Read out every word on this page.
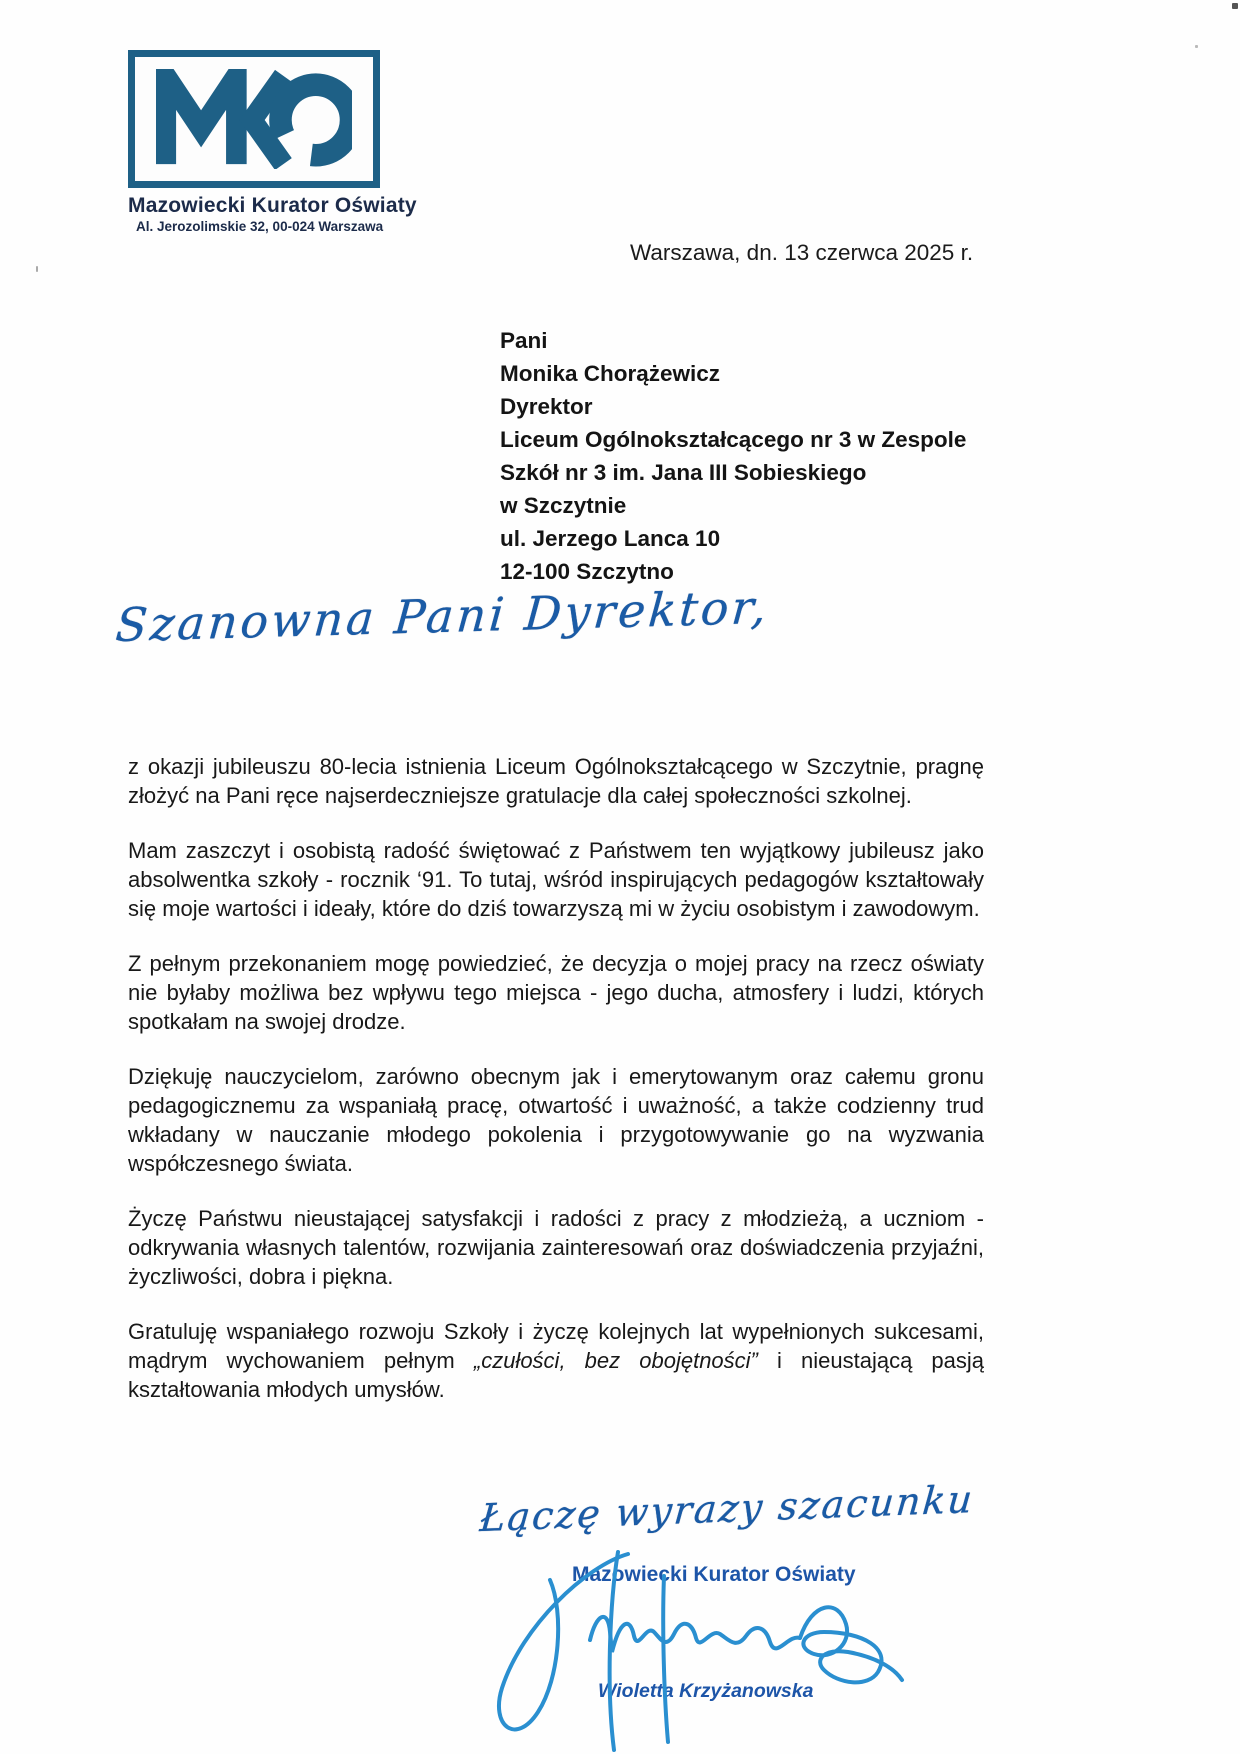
Mazowiecki Kurator Oświaty
Al. Jerozolimskie 32, 00-024 Warszawa
Warszawa, dn. 13 czerwca 2025 r.
Pani
Monika Chorążewicz
Dyrektor
Liceum Ogólnokształcącego nr 3 w Zespole
Szkół nr 3 im. Jana III Sobieskiego
w Szczytnie
ul. Jerzego Lanca 10
12-100 Szczytno
Szanowna Pani Dyrektor,

z okazji jubileuszu 80-lecia istnienia Liceum Ogólnokształcącego w Szczytnie, pragnę złożyć na Pani ręce najserdeczniejsze gratulacje dla całej społeczności szkolnej.

Mam zaszczyt i osobistą radość świętować z Państwem ten wyjątkowy jubileusz jako absolwentka szkoły - rocznik ‘91. To tutaj, wśród inspirujących pedagogów kształtowały się moje wartości i ideały, które do dziś towarzyszą mi w życiu osobistym i zawodowym.

Z pełnym przekonaniem mogę powiedzieć, że decyzja o mojej pracy na rzecz oświaty nie byłaby możliwa bez wpływu tego miejsca - jego ducha, atmosfery i ludzi, których spotkałam na swojej drodze.

Dziękuję nauczycielom, zarówno obecnym jak i emerytowanym oraz całemu gronu pedagogicznemu za wspaniałą pracę, otwartość i uważność, a także codzienny trud wkładany w nauczanie młodego pokolenia i przygotowywanie go na wyzwania współczesnego świata.

Życzę Państwu nieustającej satysfakcji i radości z pracy z młodzieżą, a uczniom - odkrywania własnych talentów, rozwijania zainteresowań oraz doświadczenia przyjaźni, życzliwości, dobra i piękna.

Gratuluję wspaniałego rozwoju Szkoły i życzę kolejnych lat wypełnionych sukcesami, mądrym wychowaniem pełnym „czułości, bez obojętności” i nieustającą pasją kształtowania młodych umysłów.

Łączę wyrazy szacunku
Mazowiecki Kurator Oświaty
Wioletta Krzyżanowska
